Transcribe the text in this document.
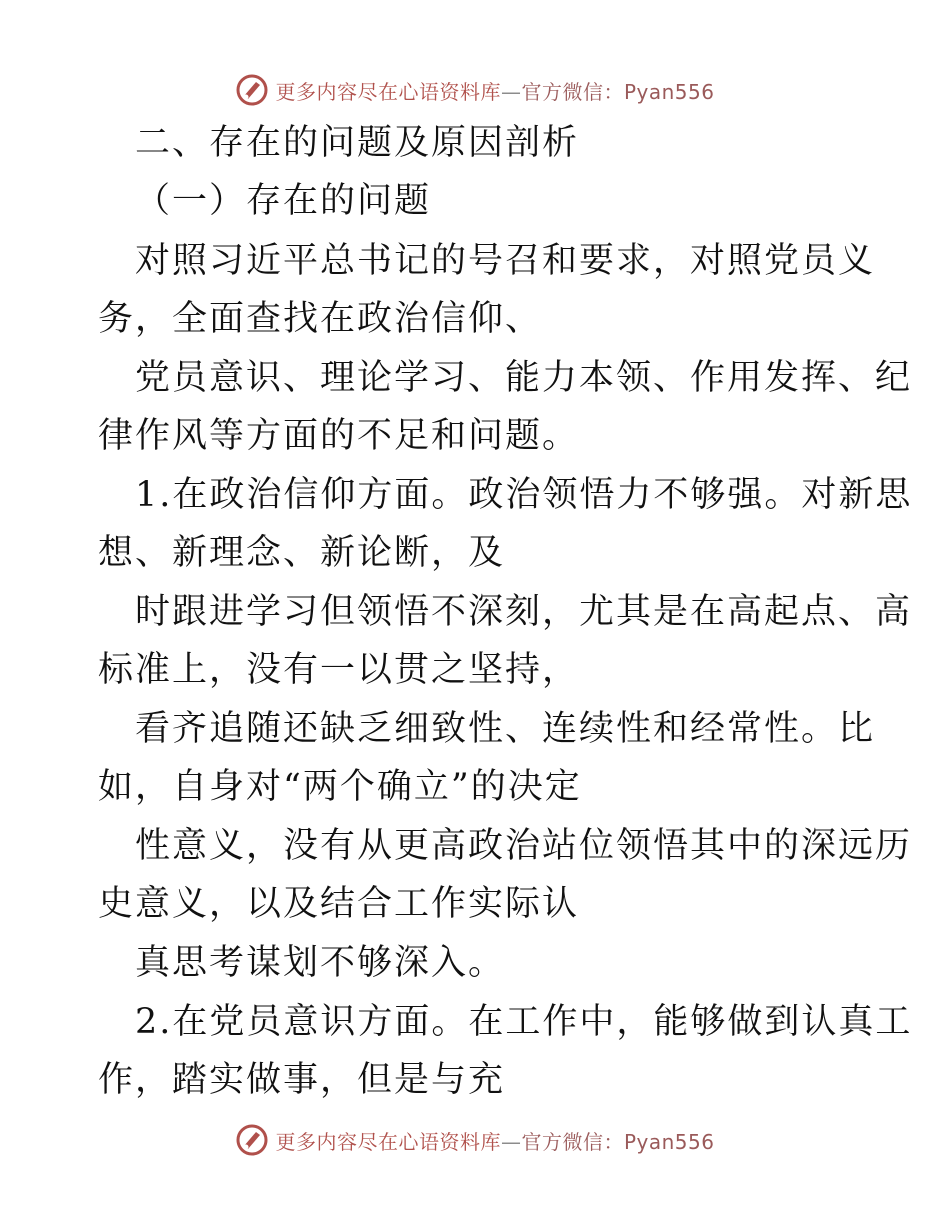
更多内容尽在心语资料库—官方微信：Pyan556
二、存在的问题及原因剖析
（一）存在的问题
对照习近平总书记的号召和要求，对照党员义
务，全面查找在政治信仰、
党员意识、理论学习、能力本领、作用发挥、纪
律作风等方面的不足和问题。
1.在政治信仰方面。政治领悟力不够强。对新思
想、新理念、新论断，及
时跟进学习但领悟不深刻，尤其是在高起点、高
标准上，没有一以贯之坚持，
看齐追随还缺乏细致性、连续性和经常性。比
如，自身对“两个确立”的决定
性意义，没有从更高政治站位领悟其中的深远历
史意义，以及结合工作实际认
真思考谋划不够深入。
2.在党员意识方面。在工作中，能够做到认真工
作，踏实做事，但是与充
更多内容尽在心语资料库—官方微信：Pyan556
